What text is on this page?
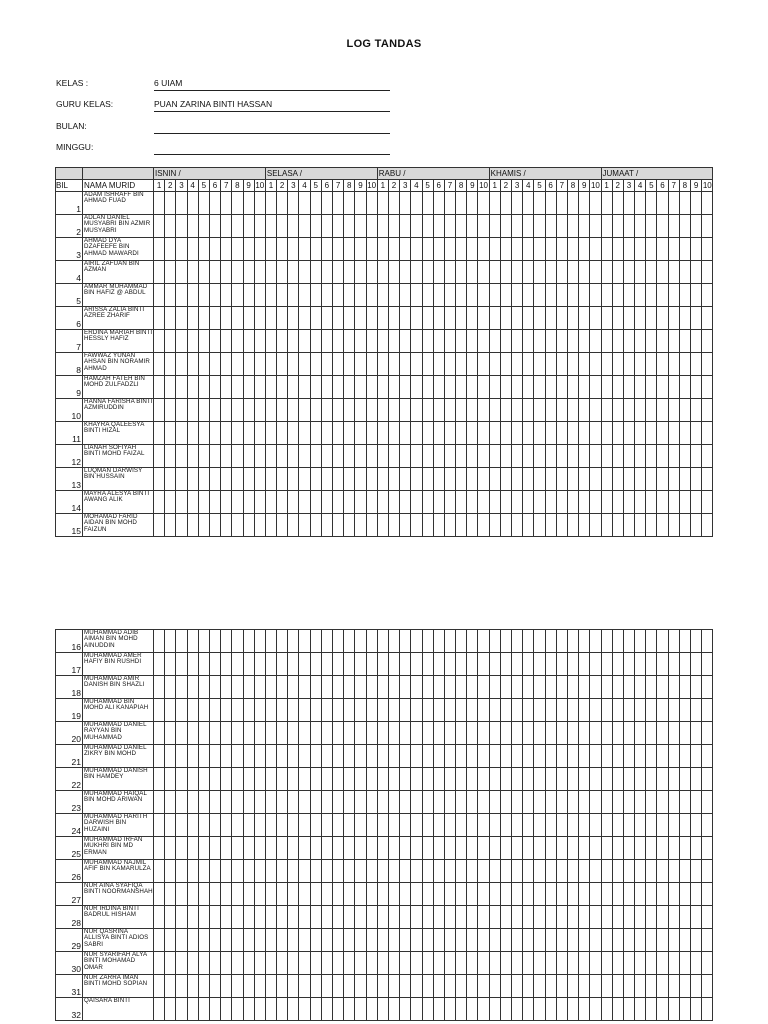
LOG TANDAS
KELAS :	6 UIAM
GURU KELAS:	PUAN ZARINA BINTI HASSAN
BULAN:
MINGGU:
		ISNIN /										SELASA /										RABU /										KHAMIS /										JUMAAT /									
BIL	NAMA MURID	1	2	3	4	5	6	7	8	9	10	1	2	3	4	5	6	7	8	9	10	1	2	3	4	5	6	7	8	9	10	1	2	3	4	5	6	7	8	9	10	1	2	3	4	5	6	7	8	9	10
1	ADAM ISHRAFF BIN AHMAD FUAD																																																		

2	ADLAN DANIEL MUSYABRI BIN AZMIR MUSYABRI																																																		

3	AHMAD DYA DZAFEEFE BIN AHMAD MAWARDI																																																		

4	AIRIL ZAFUAN BIN AZMAN																																																		

5	AMMAR MUHAMMAD BIN HAFIZ @ ABDUL																																																		

6	ARISSA ZALIA BINTI AZREE ZHARIF																																																		

7	ERDINA MARIAH BINTI HESSLY HAFIZ																																																		

8	FAWWAZ YUNAN AHSAN BIN NORAMIR AHMAD																																																		

9	HAMZAH FATEH BIN MOHD ZULFADZLI																																																		

10	HANNA FARISHA BINTI AZMIRUDDIN																																																		

11	KHAYRA QALEESYA BINTI HIZAL																																																		

12	LIANAH SOFIYAH BINTI MOHD FAIZAL																																																		

13	LUQMAN DARWISY BIN HUSSAIN																																																		

14	MAYRA ALESYA BINTI AWANG ALIK																																																		

15	MOHAMAD FARID AIDAN BIN MOHD FAIZUN																																																		

16	MUHAMMAD ADIB AIMAN BIN MOHD AINUDDIN																																																		

17	MUHAMMAD AMER HAFIY BIN RUSHDI																																																		

18	MUHAMMAD AMIR DANISH BIN SHAZLI																																																		

19	MUHAMMAD BIN MOHD ALI KANAPIAH																																																		

20	MUHAMMAD DANIEL RAYYAN BIN MUHAMMAD																																																		

21	MUHAMMAD DANIEL ZIKRY BIN MOHD																																																		

22	MUHAMMAD DANISH BIN HAMDEY																																																		

23	MUHAMMAD HAIQAL BIN MOHD ARIWAN																																																		

24	MUHAMMAD HARITH DARWISH BIN HUZAINI																																																		

25	MUHAMMAD IRFAN MUKHRI BIN MD ERMAN																																																		

26	MUHAMMAD NAJMIL AFIF BIN KAMARULZA																																																		

27	NUR AINA SYAFIQA BINTI NOORMANSHAH																																																		

28	NUR IRDINA BINTI BADRUL HISHAM																																																		

29	NUR QASRINA ALLISYA BINTI ADIOS SABRI																																																		

30	NUR SYARIFAH ALYA BINTI MOHAMAD OMAR																																																		

31	NUR ZARRA IMAN BINTI MOHD SOPIAN																																																		

32	QAISARA BINTI																																																		
